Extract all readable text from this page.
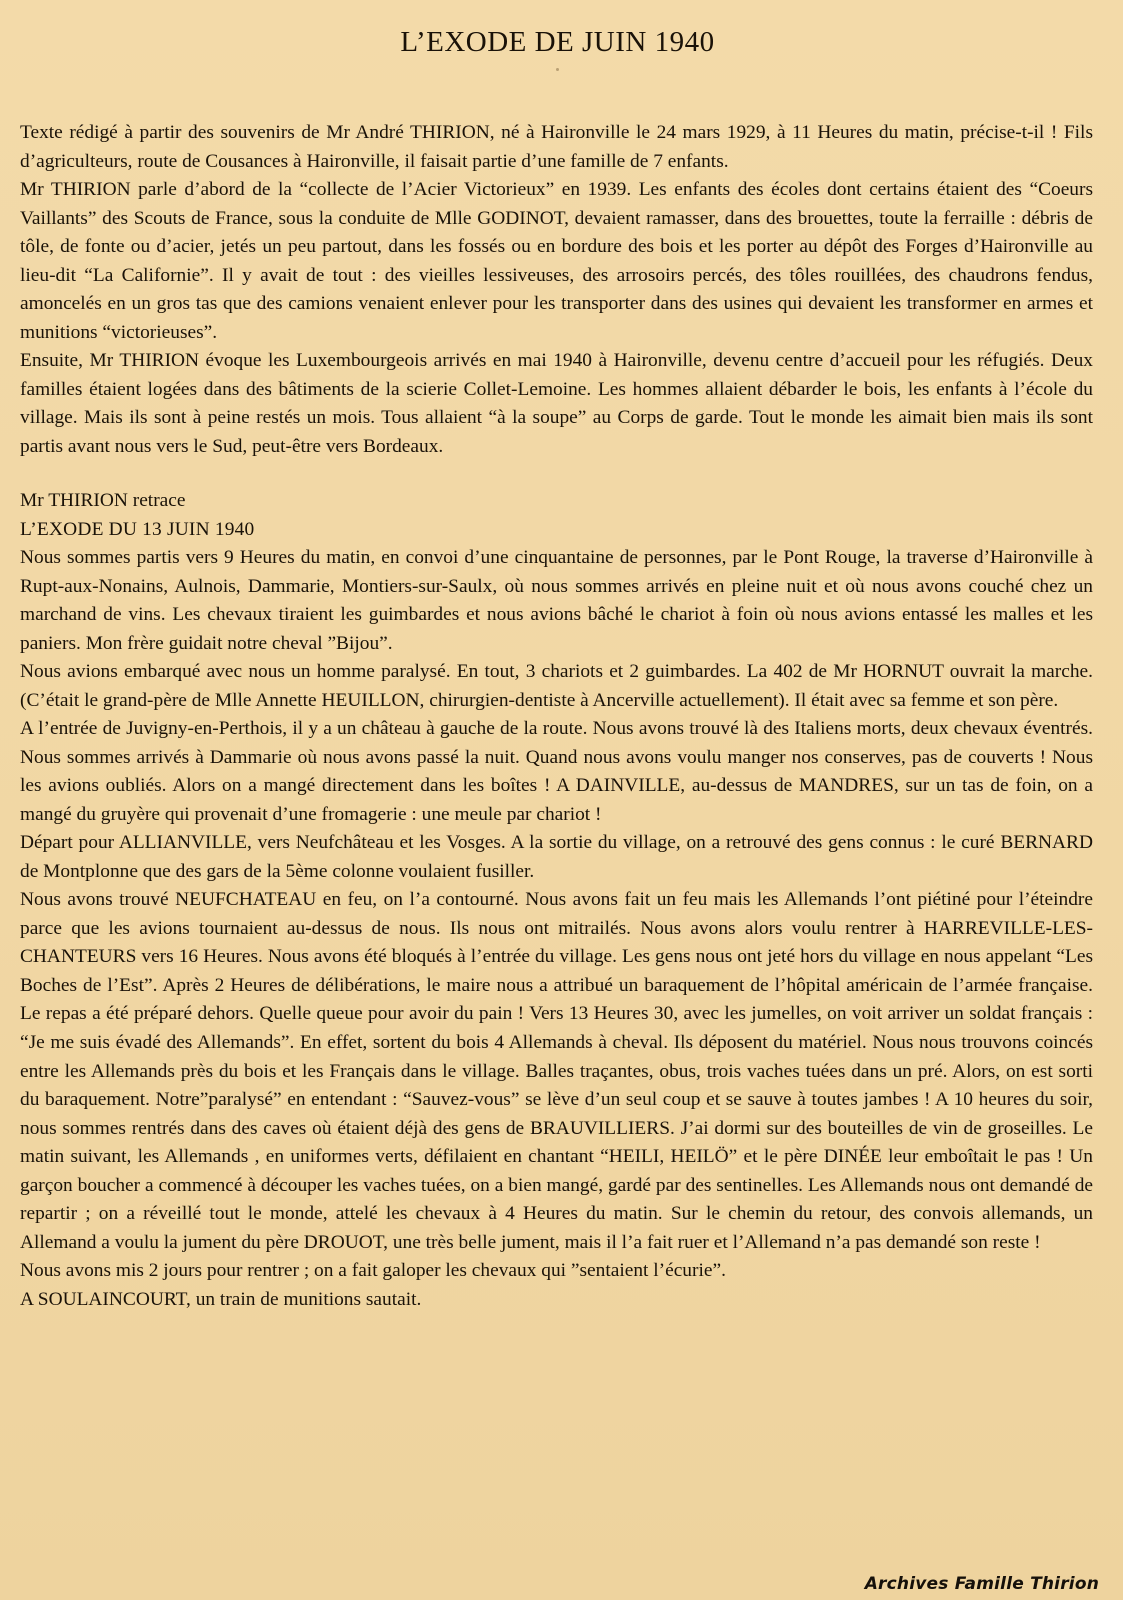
L’EXODE DE JUIN 1940

Texte rédigé à partir des souvenirs de Mr André THIRION, né à Haironville le 24 mars 1929, à 11 Heures du matin, précise-t-il ! Fils d’agriculteurs, route de Cousances à Haironville, il faisait partie d’une famille de 7 enfants.

Mr THIRION parle d’abord de la “collecte de l’Acier Victorieux” en 1939. Les enfants des écoles dont certains étaient des “Coeurs Vaillants” des Scouts de France, sous la conduite de Mlle GODINOT, devaient ramasser, dans des brouettes, toute la ferraille : débris de tôle, de fonte ou d’acier, jetés un peu partout, dans les fossés ou en bordure des bois et les porter au dépôt des Forges d’Haironville au lieu-dit “La Californie”. Il y avait de tout : des vieilles lessiveuses, des arrosoirs percés, des tôles rouillées, des chaudrons fendus, amoncelés en un gros tas que des camions venaient enlever pour les transporter dans des usines qui devaient les transformer en armes et munitions “victorieuses”.

Ensuite, Mr THIRION évoque les Luxembourgeois arrivés en mai 1940 à Haironville, devenu centre d’accueil pour les réfugiés. Deux familles étaient logées dans des bâtiments de la scierie Collet-Lemoine. Les hommes allaient débarder le bois, les enfants à l’école du village. Mais ils sont à peine restés un mois. Tous allaient “à la soupe” au Corps de garde. Tout le monde les aimait bien mais ils sont partis avant nous vers le Sud, peut-être vers Bordeaux.

Mr THIRION retrace

L’EXODE DU 13 JUIN 1940

Nous sommes partis vers 9 Heures du matin, en convoi d’une cinquantaine de personnes, par le Pont Rouge, la traverse d’Haironville à Rupt-aux-Nonains, Aulnois, Dammarie, Montiers-sur-Saulx, où nous sommes arrivés en pleine nuit et où nous avons couché chez un marchand de vins. Les chevaux tiraient les guimbardes et nous avions bâché le chariot à foin où nous avions entassé les malles et les paniers. Mon frère guidait notre cheval ”Bijou”.

Nous avions embarqué avec nous un homme paralysé. En tout, 3 chariots et 2 guimbardes. La 402 de Mr HORNUT ouvrait la marche. (C’était le grand-père de Mlle Annette HEUILLON, chirurgien-dentiste à Ancerville actuellement). Il était avec sa femme et son père.

A l’entrée de Juvigny-en-Perthois, il y a un château à gauche de la route. Nous avons trouvé là des Italiens morts, deux chevaux éventrés. Nous sommes arrivés à Dammarie où nous avons passé la nuit. Quand nous avons voulu manger nos conserves, pas de couverts ! Nous les avions oubliés. Alors on a mangé directement dans les boîtes ! A DAINVILLE, au-dessus de MANDRES, sur un tas de foin, on a mangé du gruyère qui provenait d’une fromagerie : une meule par chariot !

Départ pour ALLIANVILLE, vers Neufchâteau et les Vosges. A la sortie du village, on a retrouvé des gens connus : le curé BERNARD de Montplonne que des gars de la 5ème colonne voulaient fusiller.

Nous avons trouvé NEUFCHATEAU en feu, on l’a contourné. Nous avons fait un feu mais les Allemands l’ont piétiné pour l’éteindre parce que les avions tournaient au-dessus de nous. Ils nous ont mitrailés. Nous avons alors voulu rentrer à HARREVILLE-LES-CHANTEURS vers 16 Heures. Nous avons été bloqués à l’entrée du village. Les gens nous ont jeté hors du village en nous appelant “Les Boches de l’Est”. Après 2 Heures de délibérations, le maire nous a attribué un baraquement de l’hôpital américain de l’armée française. Le repas a été préparé dehors. Quelle queue pour avoir du pain ! Vers 13 Heures 30, avec les jumelles, on voit arriver un soldat français : “Je me suis évadé des Allemands”. En effet, sortent du bois 4 Allemands à cheval. Ils déposent du matériel. Nous nous trouvons coincés entre les Allemands près du bois et les Français dans le village. Balles traçantes, obus, trois vaches tuées dans un pré. Alors, on est sorti du baraquement. Notre”paralysé” en entendant : “Sauvez-vous” se lève d’un seul coup et se sauve à toutes jambes ! A 10 heures du soir, nous sommes rentrés dans des caves où étaient déjà des gens de BRAUVILLIERS. J’ai dormi sur des bouteilles de vin de groseilles. Le matin suivant, les Allemands , en uniformes verts, défilaient en chantant “HEILI, HEILÖ” et le père DINÉE leur emboîtait le pas ! Un garçon boucher a commencé à découper les vaches tuées, on a bien mangé, gardé par des sentinelles. Les Allemands nous ont demandé de repartir ; on a réveillé tout le monde, attelé les chevaux à 4 Heures du matin. Sur le chemin du retour, des convois allemands, un Allemand a voulu la jument du père DROUOT, une très belle jument, mais il l’a fait ruer et l’Allemand n’a pas demandé son reste !

Nous avons mis 2 jours pour rentrer ; on a fait galoper les chevaux qui ”sentaient l’écurie”.

A SOULAINCOURT, un train de munitions sautait.

Archives Famille Thirion
